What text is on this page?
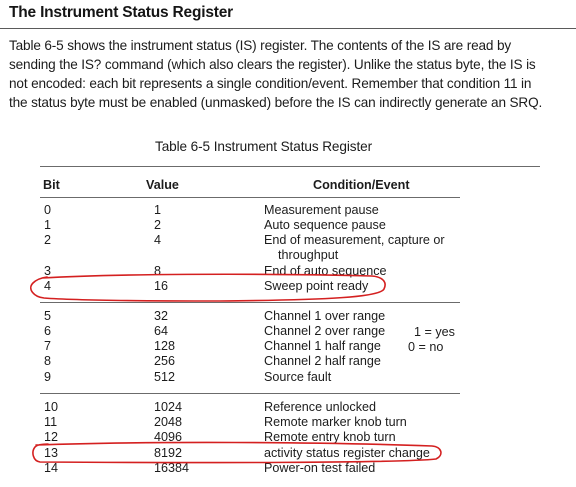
The Instrument Status Register
Table 6-5 shows the instrument status (IS) register. The contents of the IS are read by
sending the IS? command (which also clears the register). Unlike the status byte, the IS is
not encoded: each bit represents a single condition/event. Remember that condition 11 in
the status byte must be enabled (unmasked) before the IS can indirectly generate an SRQ.
Table 6-5 Instrument Status Register
Bit	Value	Condition/Event
0	1	Measurement pause
1	2	Auto sequence pause
2	4	End of measurement, capture or
throughput
3	8	End of auto sequence
4	16	Sweep point ready
5	32	Channel 1 over range
6	64	Channel 2 over range
7	128	Channel 1 half range
8	256	Channel 2 half range
9	512	Source fault
10	1024	Reference unlocked
11	2048	Remote marker knob turn
12	4096	Remote entry knob turn
13	8192	activity status register change
14	16384	Power-on test failed
1 = yes
0 = no
